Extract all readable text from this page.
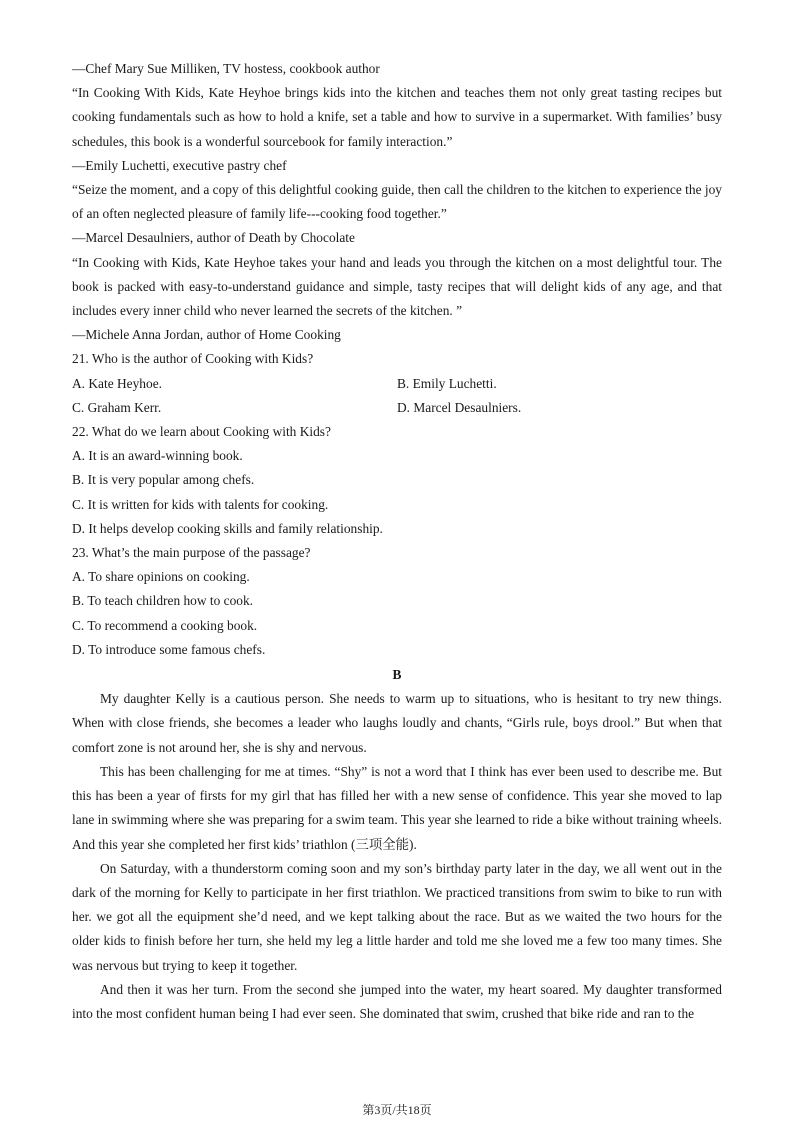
—Chef Mary Sue Milliken, TV hostess, cookbook author
“In Cooking With Kids, Kate Heyhoe brings kids into the kitchen and teaches them not only great tasting recipes but cooking fundamentals such as how to hold a knife, set a table and how to survive in a supermarket. With families’ busy schedules, this book is a wonderful sourcebook for family interaction.”
—Emily Luchetti, executive pastry chef
“Seize the moment, and a copy of this delightful cooking guide, then call the children to the kitchen to experience the joy of an often neglected pleasure of family life---cooking food together.”
—Marcel Desaulniers, author of Death by Chocolate
“In Cooking with Kids, Kate Heyhoe takes your hand and leads you through the kitchen on a most delightful tour. The book is packed with easy-to-understand guidance and simple, tasty recipes that will delight kids of any age, and that includes every inner child who never learned the secrets of the kitchen. ”
—Michele Anna Jordan, author of Home Cooking
21. Who is the author of Cooking with Kids?
A. Kate Heyhoe.	B. Emily Luchetti.
C. Graham Kerr.	D. Marcel Desaulniers.
22. What do we learn about Cooking with Kids?
A. It is an award-winning book.
B. It is very popular among chefs.
C. It is written for kids with talents for cooking.
D. It helps develop cooking skills and family relationship.
23. What’s the main purpose of the passage?
A. To share opinions on cooking.
B. To teach children how to cook.
C. To recommend a cooking book.
D. To introduce some famous chefs.
B
My daughter Kelly is a cautious person. She needs to warm up to situations, who is hesitant to try new things. When with close friends, she becomes a leader who laughs loudly and chants, “Girls rule, boys drool.” But when that comfort zone is not around her, she is shy and nervous.
This has been challenging for me at times. “Shy” is not a word that I think has ever been used to describe me. But this has been a year of firsts for my girl that has filled her with a new sense of confidence. This year she moved to lap lane in swimming where she was preparing for a swim team. This year she learned to ride a bike without training wheels. And this year she completed her first kids’ triathlon (三项全能).
On Saturday, with a thunderstorm coming soon and my son’s birthday party later in the day, we all went out in the dark of the morning for Kelly to participate in her first triathlon. We practiced transitions from swim to bike to run with her. we got all the equipment she’d need, and we kept talking about the race. But as we waited the two hours for the older kids to finish before her turn, she held my leg a little harder and told me she loved me a few too many times. She was nervous but trying to keep it together.
And then it was her turn. From the second she jumped into the water, my heart soared. My daughter transformed into the most confident human being I had ever seen. She dominated that swim, crushed that bike ride and ran to the
第3页/共18页
